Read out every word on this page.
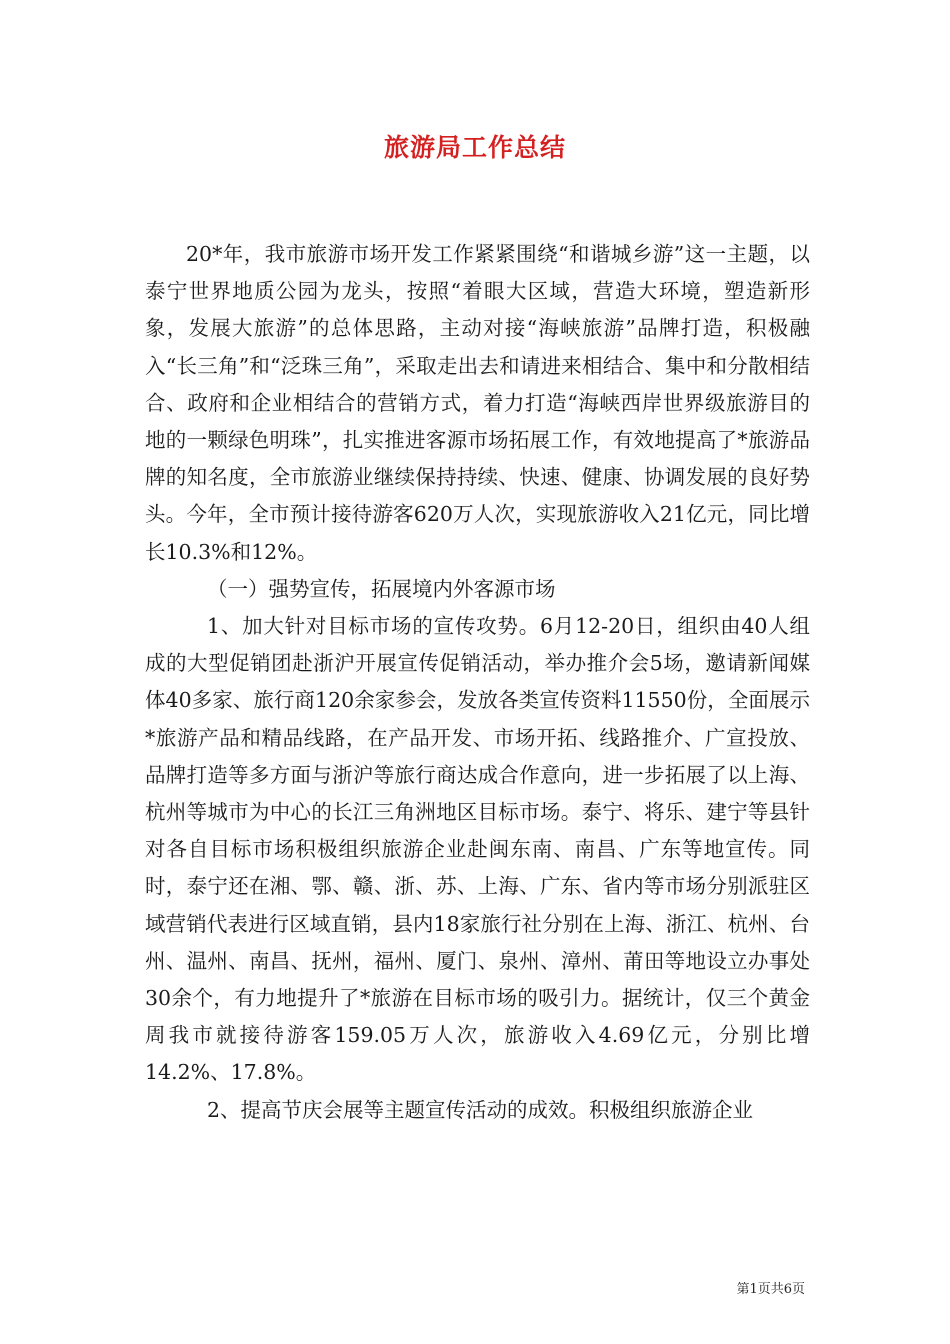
旅游局工作总结

20*年，我市旅游市场开发工作紧紧围绕“和谐城乡游”这一主题，以泰宁世界地质公园为龙头，按照“着眼大区域，营造大环境，塑造新形象，发展大旅游”的总体思路，主动对接“海峡旅游”品牌打造，积极融入“长三角”和“泛珠三角”，采取走出去和请进来相结合、集中和分散相结合、政府和企业相结合的营销方式，着力打造“海峡西岸世界级旅游目的地的一颗绿色明珠”，扎实推进客源市场拓展工作，有效地提高了*旅游品牌的知名度，全市旅游业继续保持持续、快速、健康、协调发展的良好势头。今年，全市预计接待游客620万人次，实现旅游收入21亿元，同比增长10.3%和12%。

（一）强势宣传，拓展境内外客源市场

1、加大针对目标市场的宣传攻势。6月12-20日，组织由40人组成的大型促销团赴浙沪开展宣传促销活动，举办推介会5场，邀请新闻媒体40多家、旅行商120余家参会，发放各类宣传资料11550份，全面展示*旅游产品和精品线路，在产品开发、市场开拓、线路推介、广宣投放、品牌打造等多方面与浙沪等旅行商达成合作意向，进一步拓展了以上海、杭州等城市为中心的长江三角洲地区目标市场。泰宁、将乐、建宁等县针对各自目标市场积极组织旅游企业赴闽东南、南昌、广东等地宣传。同时，泰宁还在湘、鄂、赣、浙、苏、上海、广东、省内等市场分别派驻区域营销代表进行区域直销，县内18家旅行社分别在上海、浙江、杭州、台州、温州、南昌、抚州，福州、厦门、泉州、漳州、莆田等地设立办事处30余个，有力地提升了*旅游在目标市场的吸引力。据统计，仅三个黄金周我市就接待游客159.05万人次，旅游收入4.69亿元，分别比增14.2%、17.8%。

2、提高节庆会展等主题宣传活动的成效。积极组织旅游企业

第1页共6页
